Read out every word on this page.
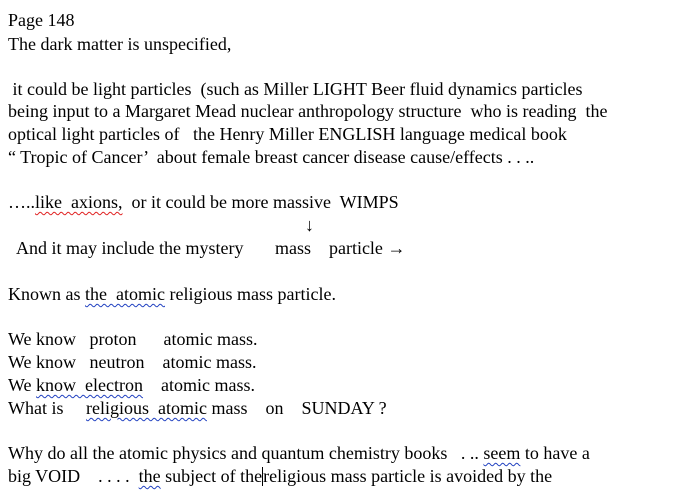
Page 148
The dark matter is unspecified,
it could be light particles  (such as Miller LIGHT Beer fluid dynamics particles
being input to a Margaret Mead nuclear anthropology structure  who is reading  the
optical light particles of   the Henry Miller ENGLISH language medical book
“ Tropic of Cancer’  about female breast cancer disease cause/effects . . ..
…..like  axions,  or it could be more massive  WIMPS
↓
And it may include the mystery       mass    particle →
Known as the  atomic religious mass particle.
We know   proton      atomic mass.
We know   neutron    atomic mass.
We know  electron    atomic mass.
What is     religious  atomic mass    on    SUNDAY ?
Why do all the atomic physics and quantum chemistry books   . .. seem to have a
big VOID    . . . .  the subject of thereligious mass particle is avoided by the
